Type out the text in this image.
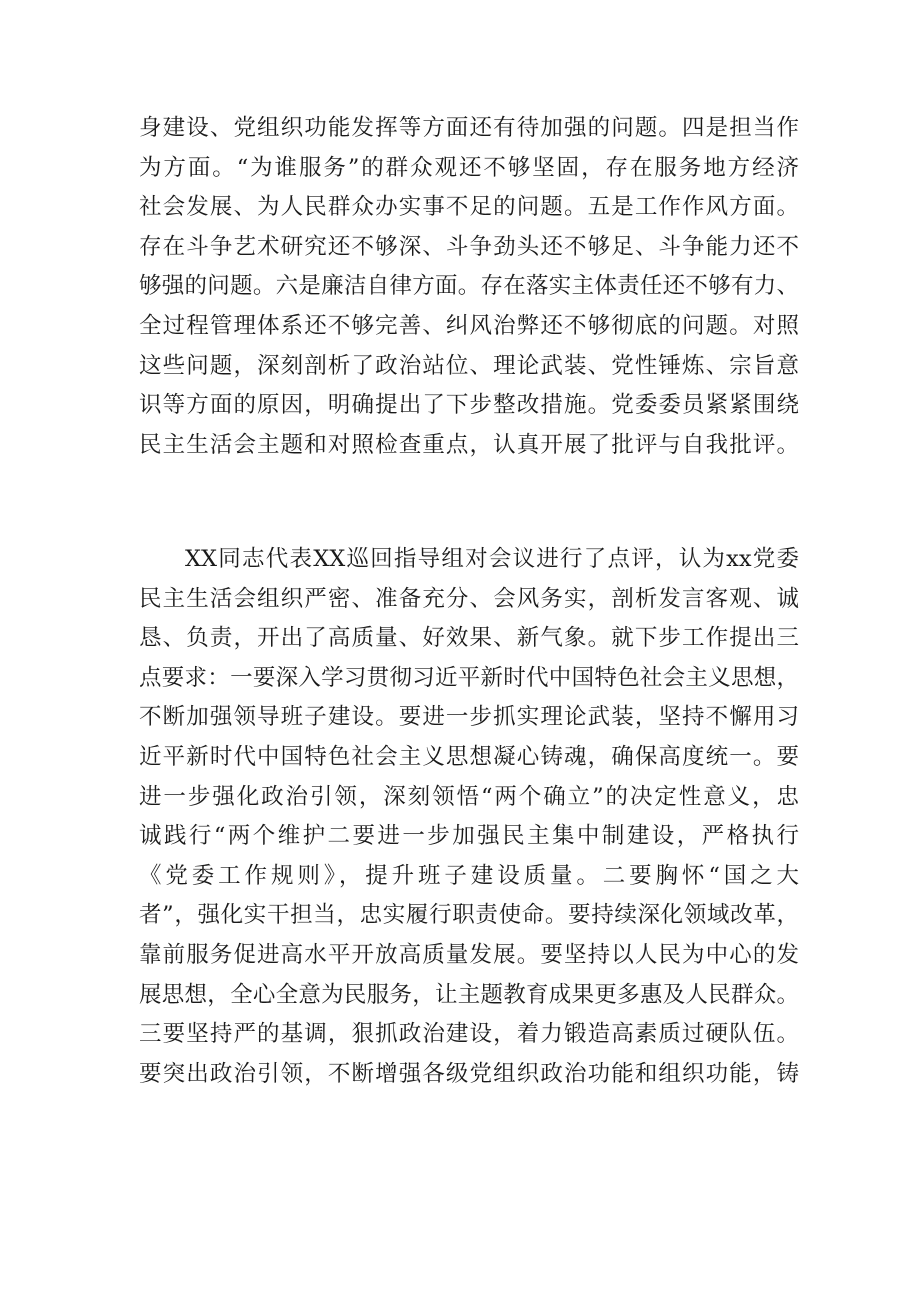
身建设、党组织功能发挥等方面还有待加强的问题。四是担当作
为方面。“为谁服务”的群众观还不够坚固，存在服务地方经济
社会发展、为人民群众办实事不足的问题。五是工作作风方面。
存在斗争艺术研究还不够深、斗争劲头还不够足、斗争能力还不
够强的问题。六是廉洁自律方面。存在落实主体责任还不够有力、
全过程管理体系还不够完善、纠风治弊还不够彻底的问题。对照
这些问题，深刻剖析了政治站位、理论武装、党性锤炼、宗旨意
识等方面的原因，明确提出了下步整改措施。党委委员紧紧围绕
民主生活会主题和对照检查重点，认真开展了批评与自我批评。
XX同志代表XX巡回指导组对会议进行了点评，认为xx党委
民主生活会组织严密、准备充分、会风务实，剖析发言客观、诚
恳、负责，开出了高质量、好效果、新气象。就下步工作提出三
点要求：一要深入学习贯彻习近平新时代中国特色社会主义思想，
不断加强领导班子建设。要进一步抓实理论武装，坚持不懈用习
近平新时代中国特色社会主义思想凝心铸魂，确保高度统一。要
进一步强化政治引领，深刻领悟“两个确立”的决定性意义，忠
诚践行“两个维护二要进一步加强民主集中制建设，严格执行
《党委工作规则》，提升班子建设质量。二要胸怀“国之大
者”，强化实干担当，忠实履行职责使命。要持续深化领域改革，
靠前服务促进高水平开放高质量发展。要坚持以人民为中心的发
展思想，全心全意为民服务，让主题教育成果更多惠及人民群众。
三要坚持严的基调，狠抓政治建设，着力锻造高素质过硬队伍。
要突出政治引领，不断增强各级党组织政治功能和组织功能，铸
